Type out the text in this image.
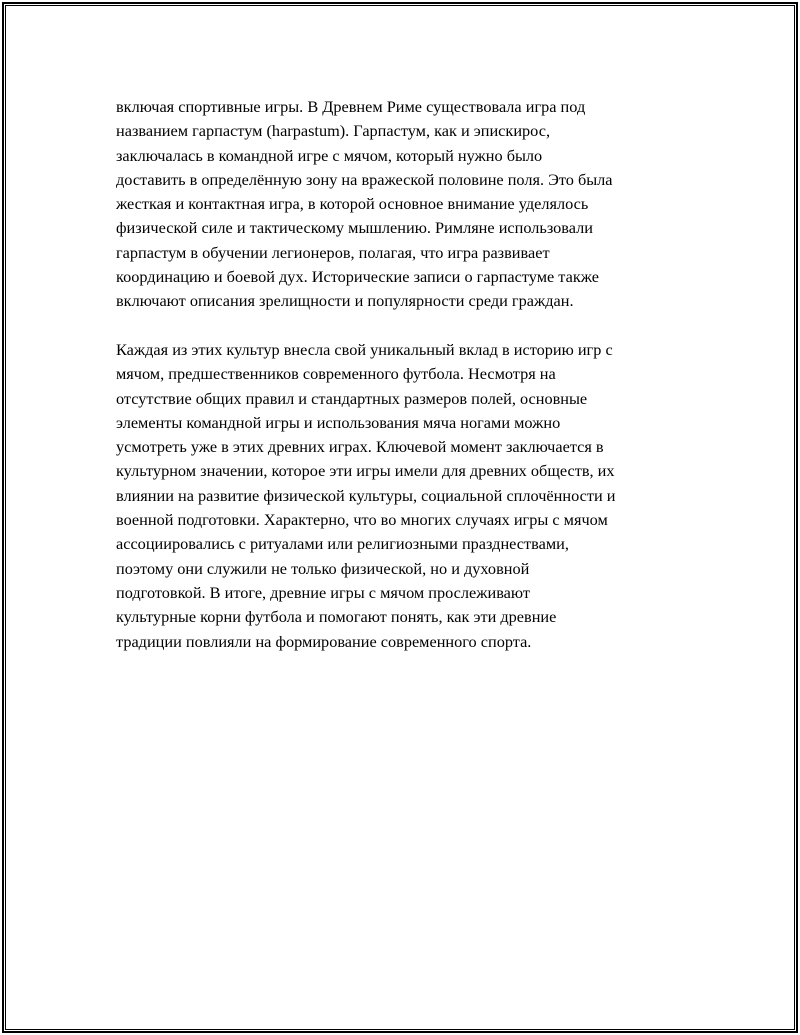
включая спортивные игры. В Древнем Риме существовала игра под
названием гарпастум (harpastum). Гарпастум, как и эпискирос,
заключалась в командной игре с мячом, который нужно было
доставить в определённую зону на вражеской половине поля. Это была
жесткая и контактная игра, в которой основное внимание уделялось
физической силе и тактическому мышлению. Римляне использовали
гарпастум в обучении легионеров, полагая, что игра развивает
координацию и боевой дух. Исторические записи о гарпастуме также
включают описания зрелищности и популярности среди граждан.

Каждая из этих культур внесла свой уникальный вклад в историю игр с
мячом, предшественников современного футбола. Несмотря на
отсутствие общих правил и стандартных размеров полей, основные
элементы командной игры и использования мяча ногами можно
усмотреть уже в этих древних играх. Ключевой момент заключается в
культурном значении, которое эти игры имели для древних обществ, их
влиянии на развитие физической культуры, социальной сплочённости и
военной подготовки. Характерно, что во многих случаях игры с мячом
ассоциировались с ритуалами или религиозными празднествами,
поэтому они служили не только физической, но и духовной
подготовкой. В итоге, древние игры с мячом прослеживают
культурные корни футбола и помогают понять, как эти древние
традиции повлияли на формирование современного спорта.
